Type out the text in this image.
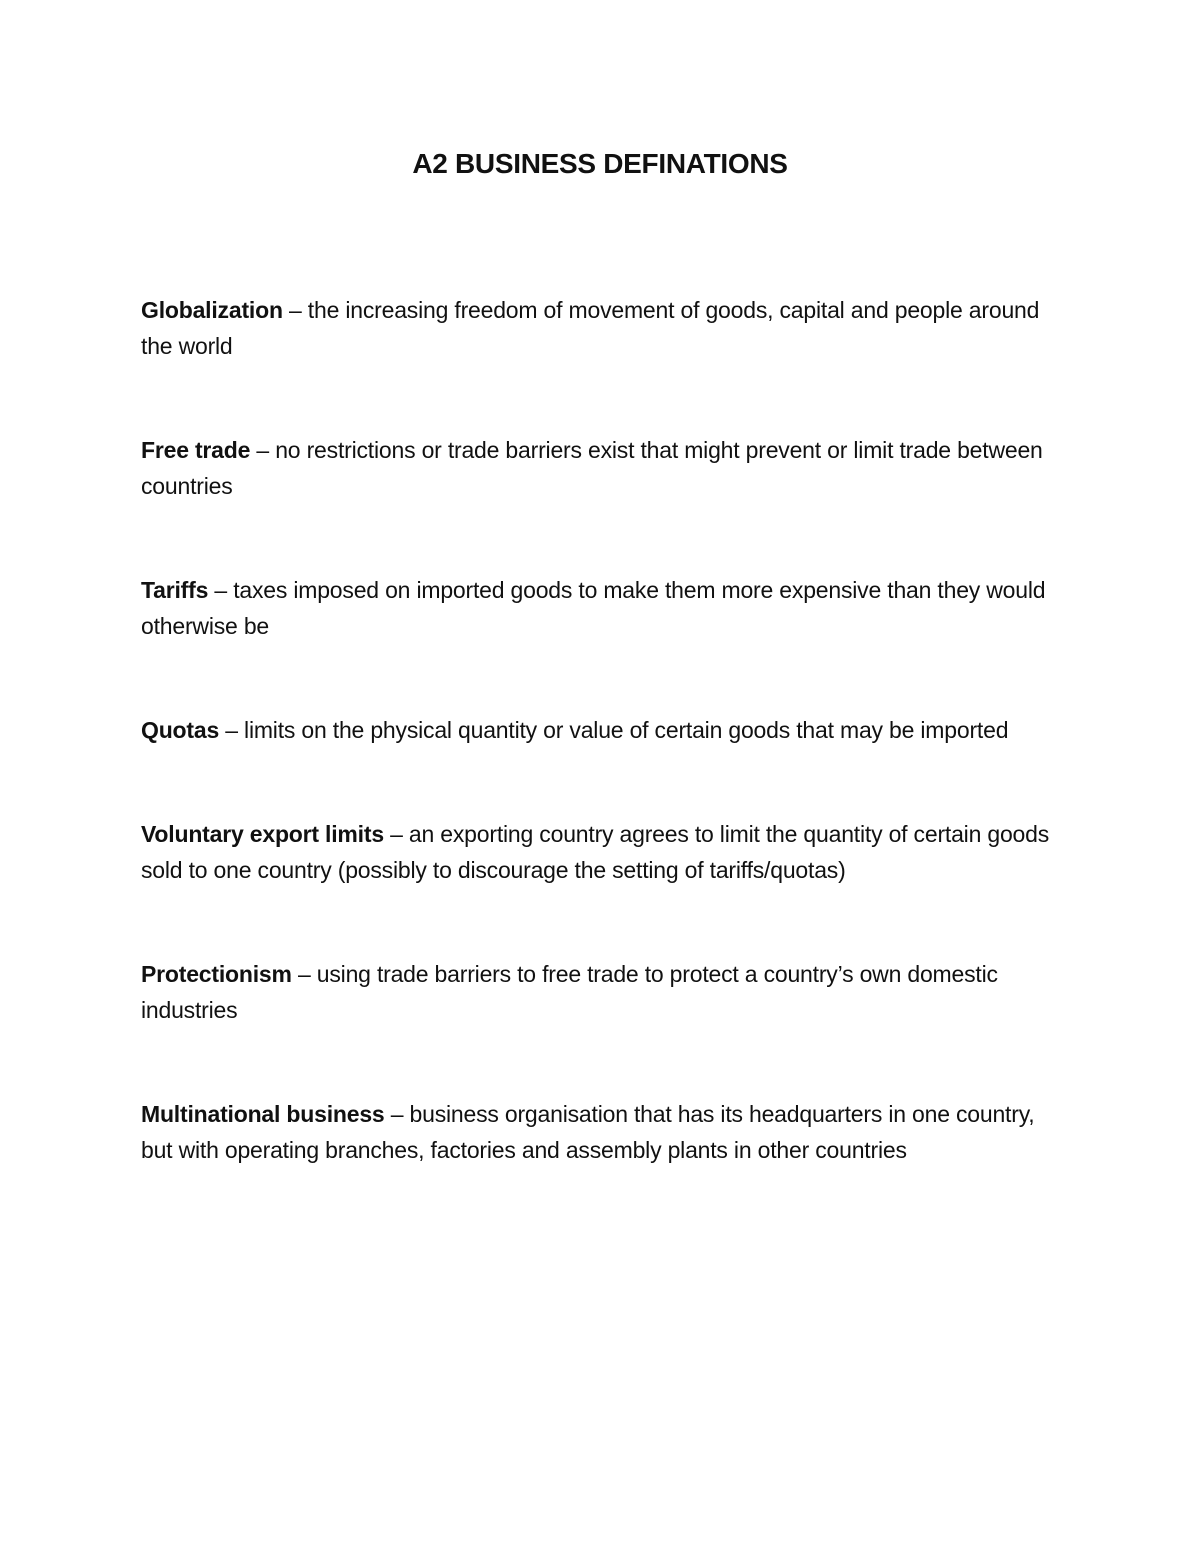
A2 BUSINESS DEFINATIONS

Globalization – the increasing freedom of movement of goods, capital and people around the world

Free trade – no restrictions or trade barriers exist that might prevent or limit trade between countries

Tariffs – taxes imposed on imported goods to make them more expensive than they would otherwise be

Quotas – limits on the physical quantity or value of certain goods that may be imported

Voluntary export limits – an exporting country agrees to limit the quantity of certain goods sold to one country (possibly to discourage the setting of tariffs/quotas)

Protectionism – using trade barriers to free trade to protect a country’s own domestic industries

Multinational business – business organisation that has its headquarters in one country, but with operating branches, factories and assembly plants in other countries
